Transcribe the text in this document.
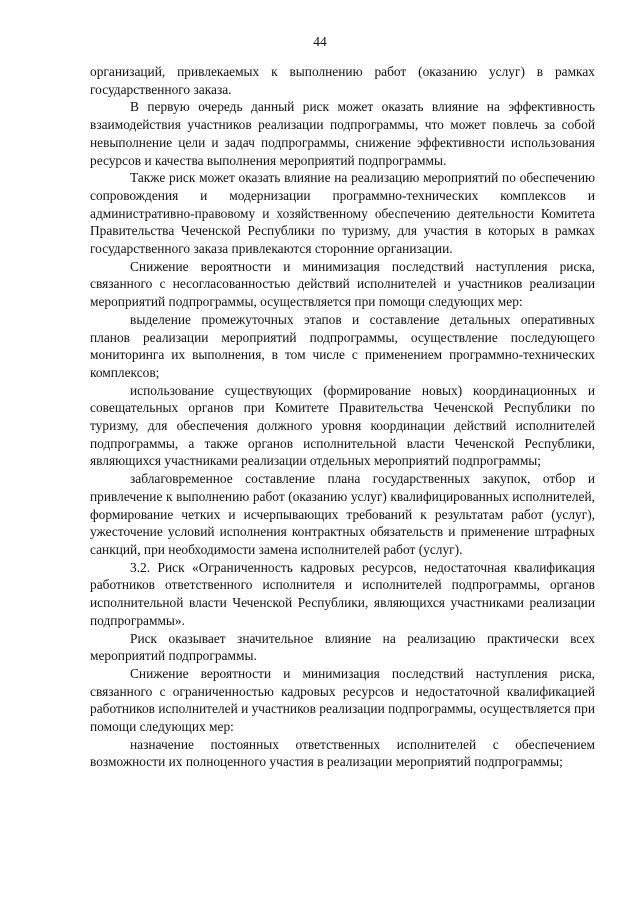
44

организаций, привлекаемых к выполнению работ (оказанию услуг) в рамках государственного заказа.

В первую очередь данный риск может оказать влияние на эффективность взаимодействия участников реализации подпрограммы, что может повлечь за собой невыполнение цели и задач подпрограммы, снижение эффективности использования ресурсов и качества выполнения мероприятий подпрограммы.

Также риск может оказать влияние на реализацию мероприятий по обеспечению сопровождения и модернизации программно-технических комплексов и административно-правовому и хозяйственному обеспечению деятельности Комитета Правительства Чеченской Республики по туризму, для участия в которых в рамках государственного заказа привлекаются сторонние организации.

Снижение вероятности и минимизация последствий наступления риска, связанного с несогласованностью действий исполнителей и участников реализации мероприятий подпрограммы, осуществляется при помощи следующих мер:

выделение промежуточных этапов и составление детальных оперативных планов реализации мероприятий подпрограммы, осуществление последующего мониторинга их выполнения, в том числе с применением программно-технических комплексов;

использование существующих (формирование новых) координационных и совещательных органов при Комитете Правительства Чеченской Республики по туризму, для обеспечения должного уровня координации действий исполнителей подпрограммы, а также органов исполнительной власти Чеченской Республики, являющихся участниками реализации отдельных мероприятий подпрограммы;

заблаговременное составление плана государственных закупок, отбор и привлечение к выполнению работ (оказанию услуг) квалифицированных исполнителей, формирование четких и исчерпывающих требований к результатам работ (услуг), ужесточение условий исполнения контрактных обязательств и применение штрафных санкций, при необходимости замена исполнителей работ (услуг).

3.2. Риск «Ограниченность кадровых ресурсов, недостаточная квалификация работников ответственного исполнителя и исполнителей подпрограммы, органов исполнительной власти Чеченской Республики, являющихся участниками реализации подпрограммы».

Риск оказывает значительное влияние на реализацию практически всех мероприятий подпрограммы.

Снижение вероятности и минимизация последствий наступления риска, связанного с ограниченностью кадровых ресурсов и недостаточной квалификацией работников исполнителей и участников реализации подпрограммы, осуществляется при помощи следующих мер:

назначение постоянных ответственных исполнителей с обеспечением возможности их полноценного участия в реализации мероприятий подпрограммы;
